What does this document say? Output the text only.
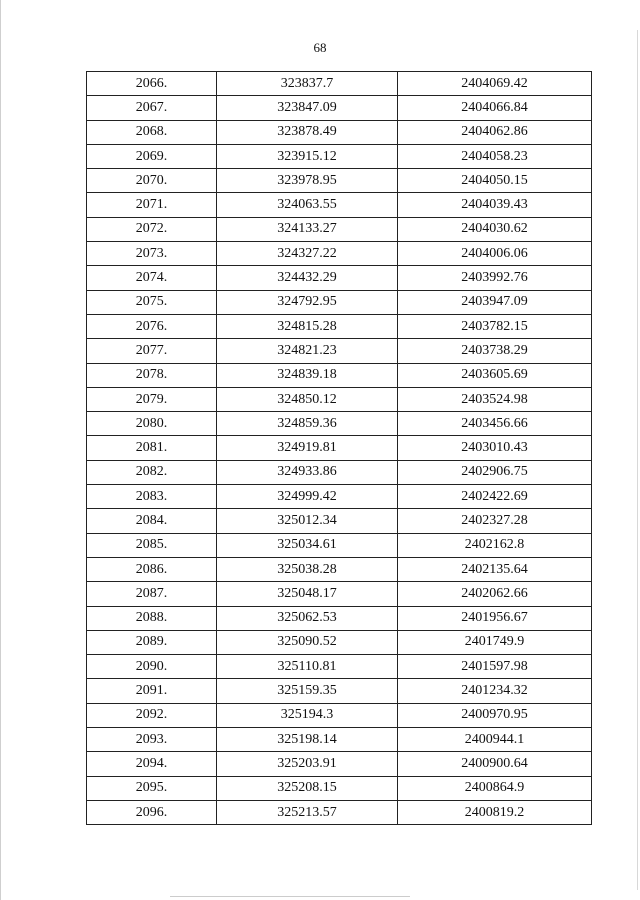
68
2066.	323837.7	2404069.42
2067.	323847.09	2404066.84
2068.	323878.49	2404062.86
2069.	323915.12	2404058.23
2070.	323978.95	2404050.15
2071.	324063.55	2404039.43
2072.	324133.27	2404030.62
2073.	324327.22	2404006.06
2074.	324432.29	2403992.76
2075.	324792.95	2403947.09
2076.	324815.28	2403782.15
2077.	324821.23	2403738.29
2078.	324839.18	2403605.69
2079.	324850.12	2403524.98
2080.	324859.36	2403456.66
2081.	324919.81	2403010.43
2082.	324933.86	2402906.75
2083.	324999.42	2402422.69
2084.	325012.34	2402327.28
2085.	325034.61	2402162.8
2086.	325038.28	2402135.64
2087.	325048.17	2402062.66
2088.	325062.53	2401956.67
2089.	325090.52	2401749.9
2090.	325110.81	2401597.98
2091.	325159.35	2401234.32
2092.	325194.3	2400970.95
2093.	325198.14	2400944.1
2094.	325203.91	2400900.64
2095.	325208.15	2400864.9
2096.	325213.57	2400819.2
